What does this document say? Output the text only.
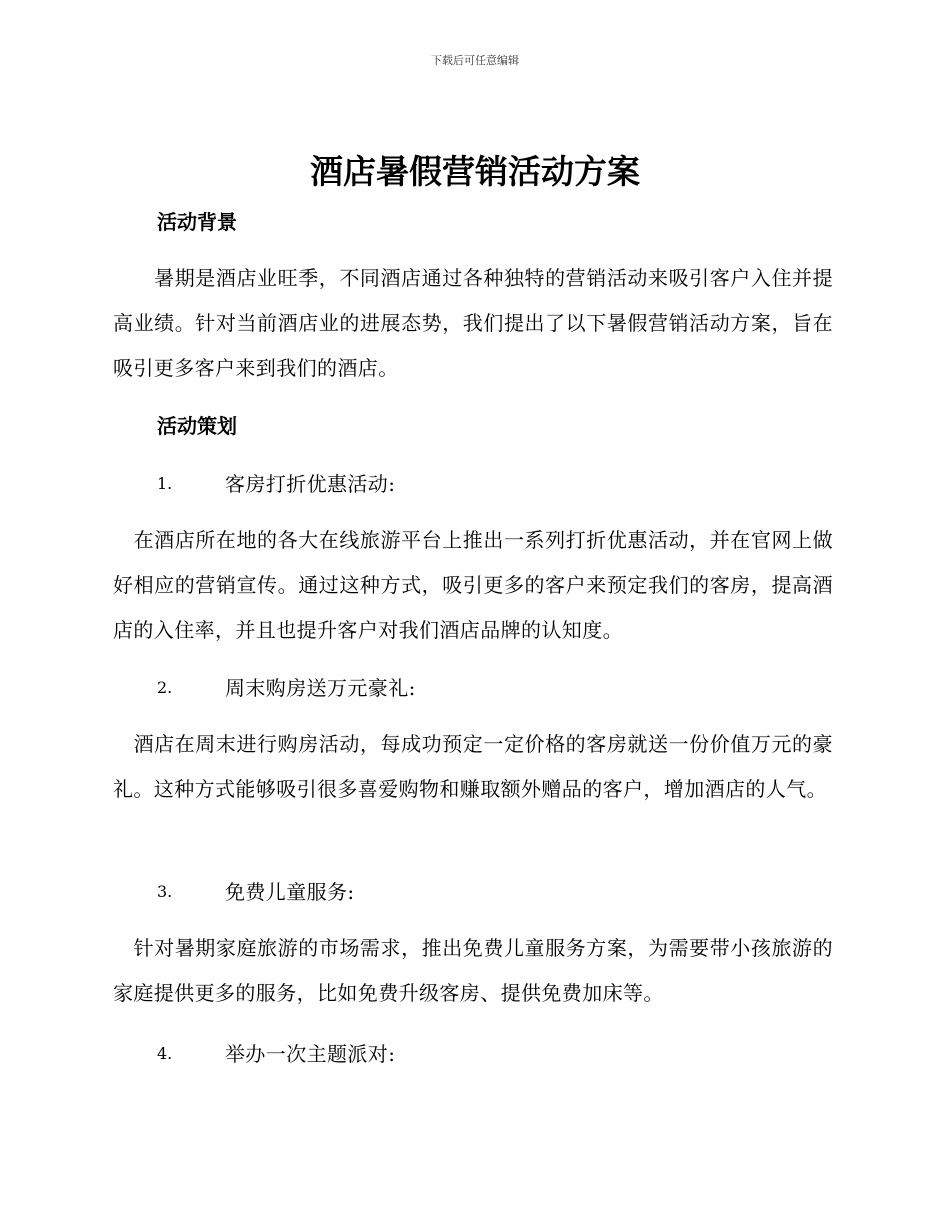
下载后可任意编辑
酒店暑假营销活动方案
活动背景
　　暑期是酒店业旺季，不同酒店通过各种独特的营销活动来吸引客户入住并提高业绩。针对当前酒店业的进展态势，我们提出了以下暑假营销活动方案，旨在吸引更多客户来到我们的酒店。
活动策划
1.	客房打折优惠活动:
　在酒店所在地的各大在线旅游平台上推出一系列打折优惠活动，并在官网上做好相应的营销宣传。通过这种方式，吸引更多的客户来预定我们的客房，提高酒店的入住率，并且也提升客户对我们酒店品牌的认知度。
2.	周末购房送万元豪礼:
　酒店在周末进行购房活动，每成功预定一定价格的客房就送一份价值万元的豪礼。这种方式能够吸引很多喜爱购物和赚取额外赠品的客户，增加酒店的人气。
3.	免费儿童服务:
　针对暑期家庭旅游的市场需求，推出免费儿童服务方案，为需要带小孩旅游的家庭提供更多的服务，比如免费升级客房、提供免费加床等。
4.	举办一次主题派对:
